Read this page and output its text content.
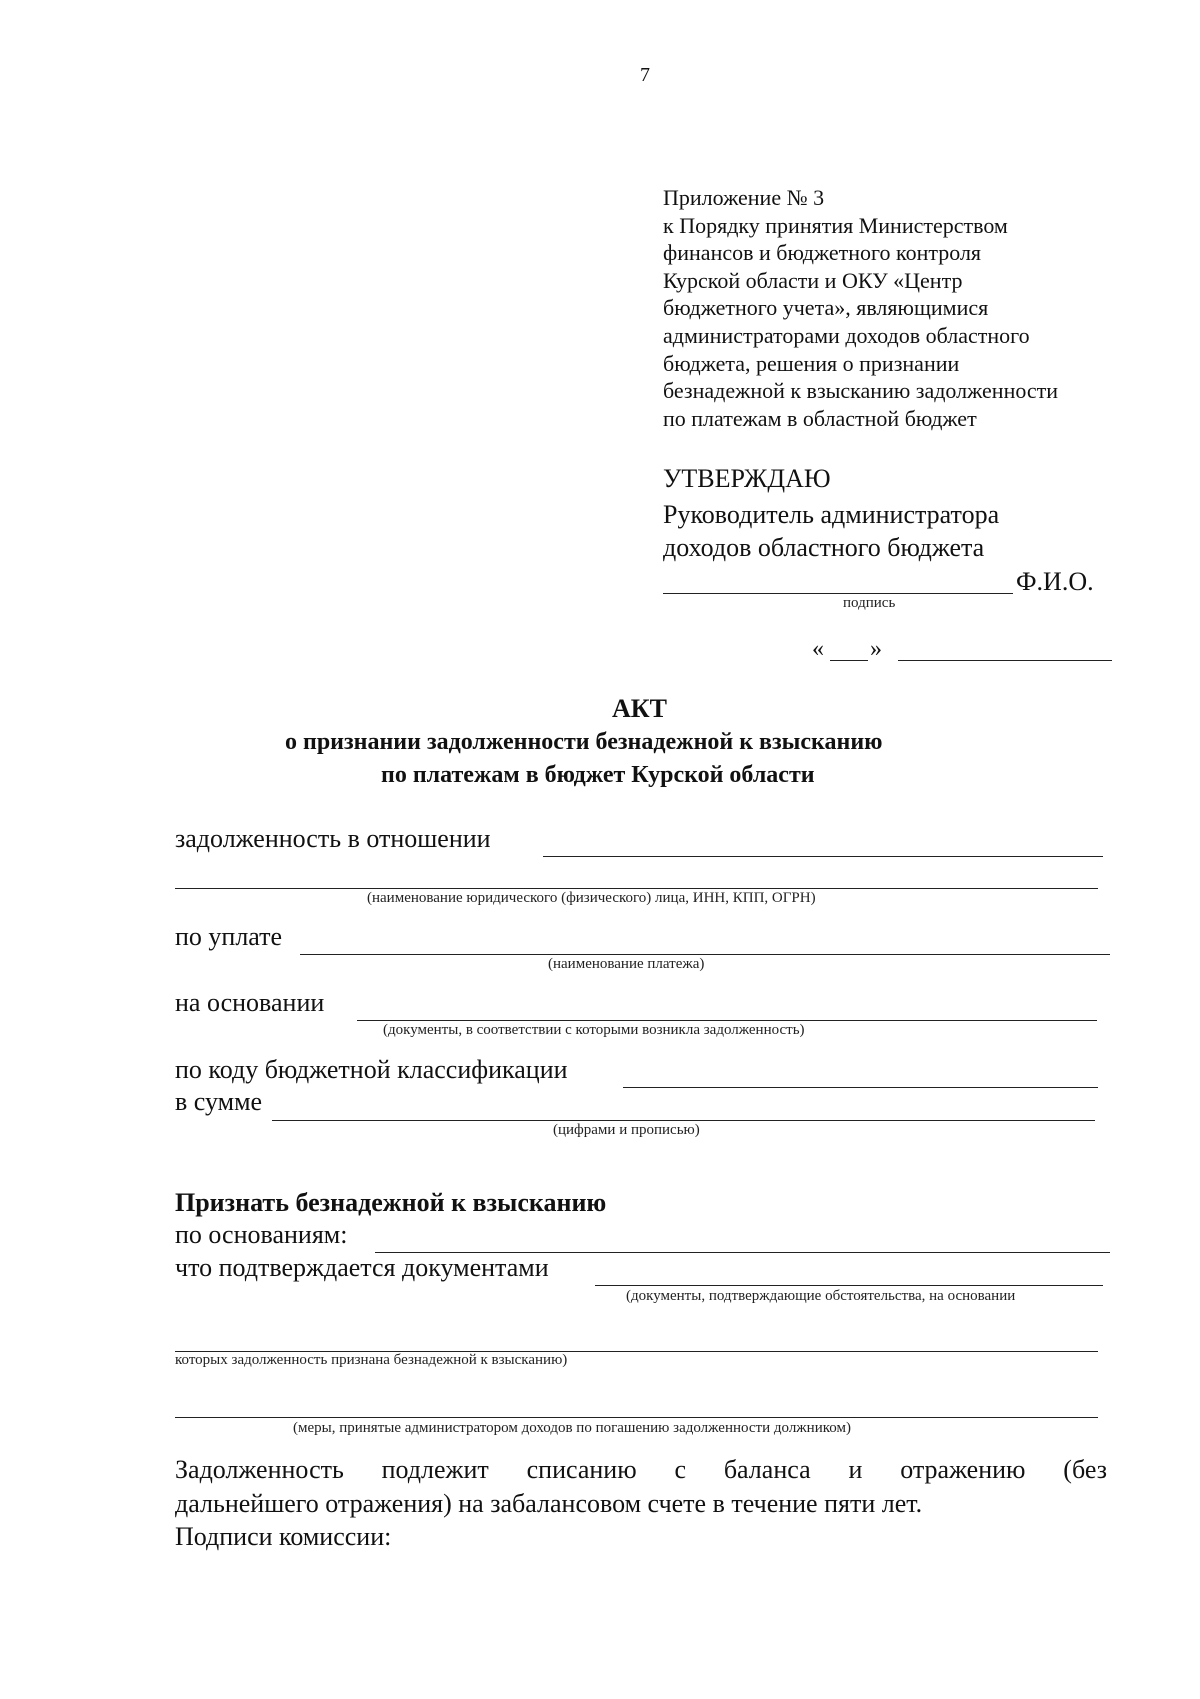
7
Приложение № 3
к Порядку принятия Министерством
финансов и бюджетного контроля
Курской области и ОКУ «Центр
бюджетного учета», являющимися
администраторами доходов областного
бюджета, решения о признании
безнадежной к взысканию задолженности
по платежам в областной бюджет
УТВЕРЖДАЮ
Руководитель администратора
доходов областного бюджета
Ф.И.О.
подпись
« »
АКТ
о признании задолженности безнадежной к взысканию
по платежам в бюджет Курской области
задолженность в отношении
(наименование юридического (физического) лица, ИНН, КПП, ОГРН)
по уплате
(наименование платежа)
на основании
(документы, в соответствии с которыми возникла задолженность)
по коду бюджетной классификации
в сумме
(цифрами и прописью)
Признать безнадежной к взысканию
по основаниям:
что подтверждается документами
(документы, подтверждающие обстоятельства, на основании
которых задолженность признана безнадежной к взысканию)
(меры, принятые администратором доходов по погашению задолженности должником)
Задолженность подлежит списанию с баланса и отражению (без
дальнейшего отражения) на забалансовом счете в течение пяти лет.
Подписи комиссии:
